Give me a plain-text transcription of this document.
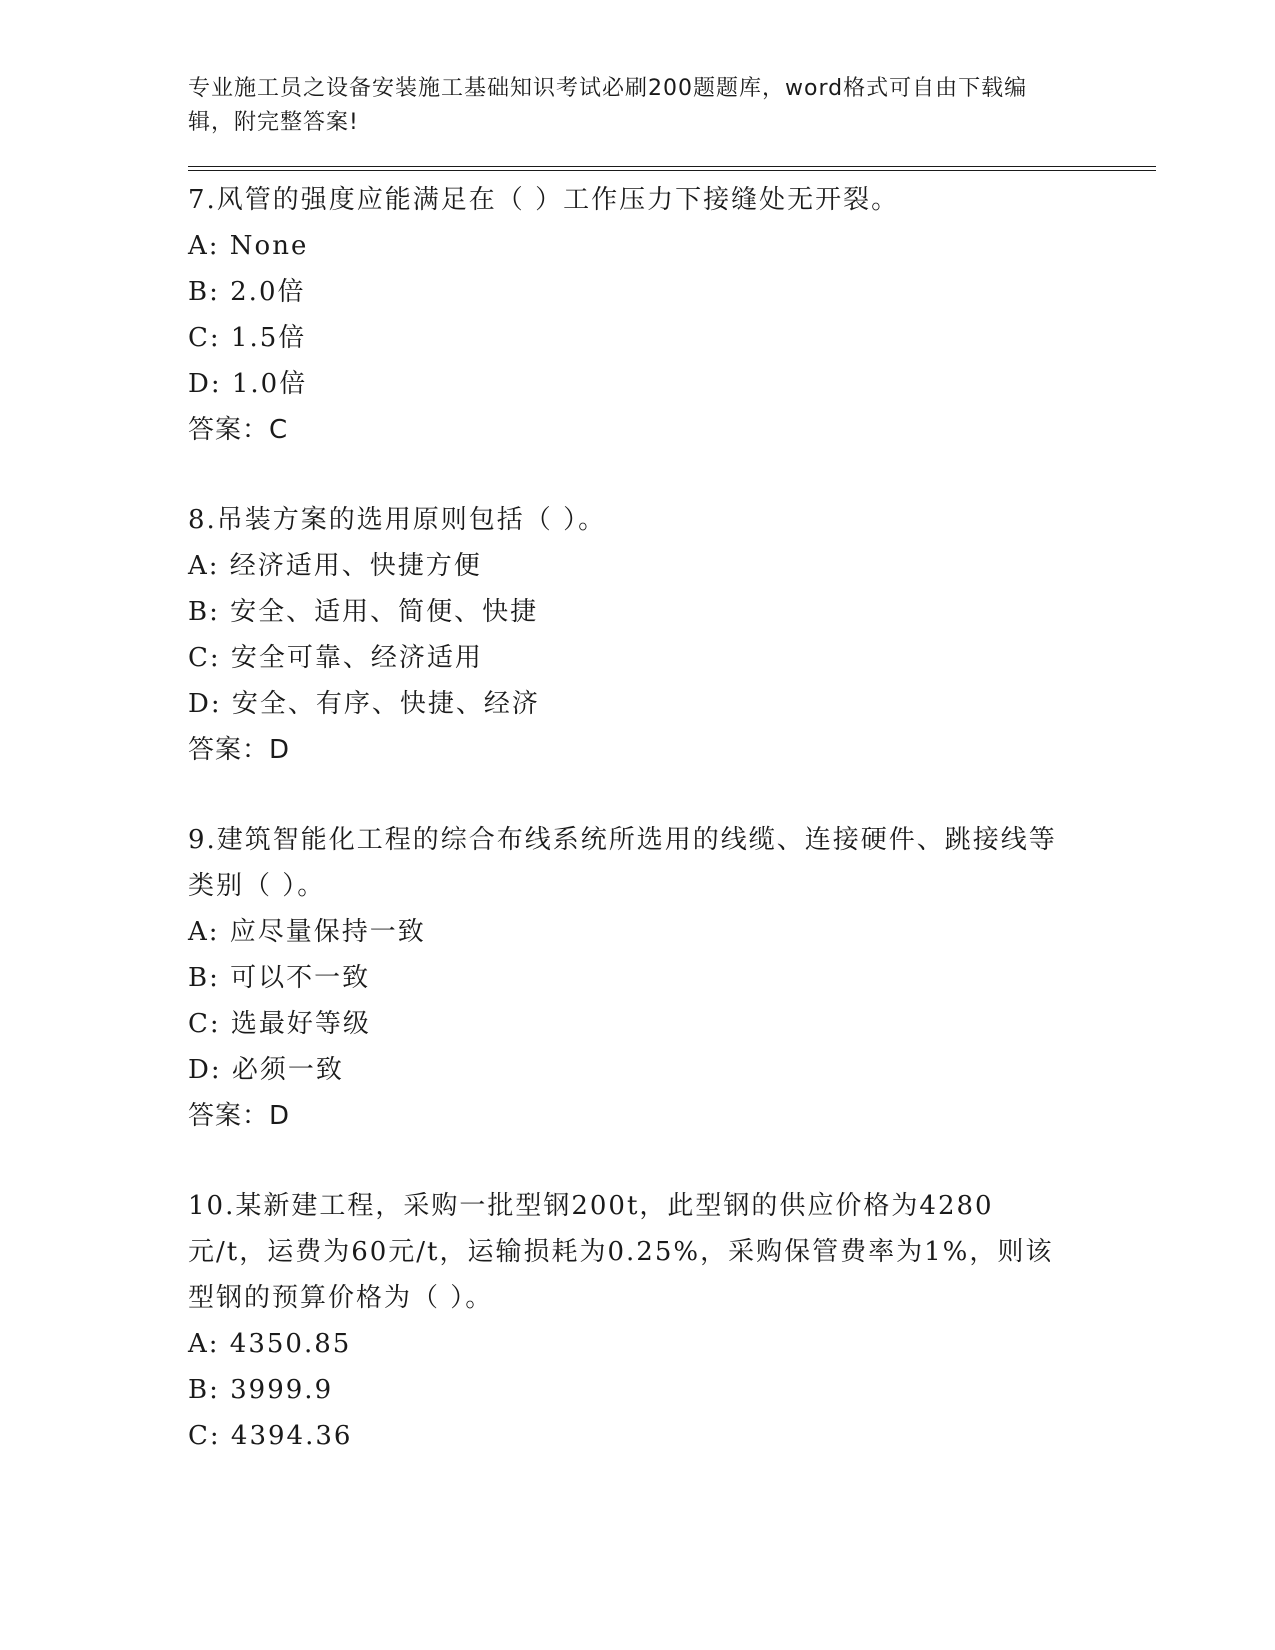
专业施工员之设备安装施工基础知识考试必刷200题题库，word格式可自由下载编辑，附完整答案!
7.风管的强度应能满足在（ ）工作压力下接缝处无开裂。
A: None
B: 2.0倍
C: 1.5倍
D: 1.0倍
答案：C
8.吊装方案的选用原则包括（ ）。
A: 经济适用、快捷方便
B: 安全、适用、简便、快捷
C: 安全可靠、经济适用
D: 安全、有序、快捷、经济
答案：D
9.建筑智能化工程的综合布线系统所选用的线缆、连接硬件、跳接线等类别（ ）。
A: 应尽量保持一致
B: 可以不一致
C: 选最好等级
D: 必须一致
答案：D
10.某新建工程，采购一批型钢200t，此型钢的供应价格为4280元/t，运费为60元/t，运输损耗为0.25%，采购保管费率为1%，则该型钢的预算价格为（ ）。
A: 4350.85
B: 3999.9
C: 4394.36
